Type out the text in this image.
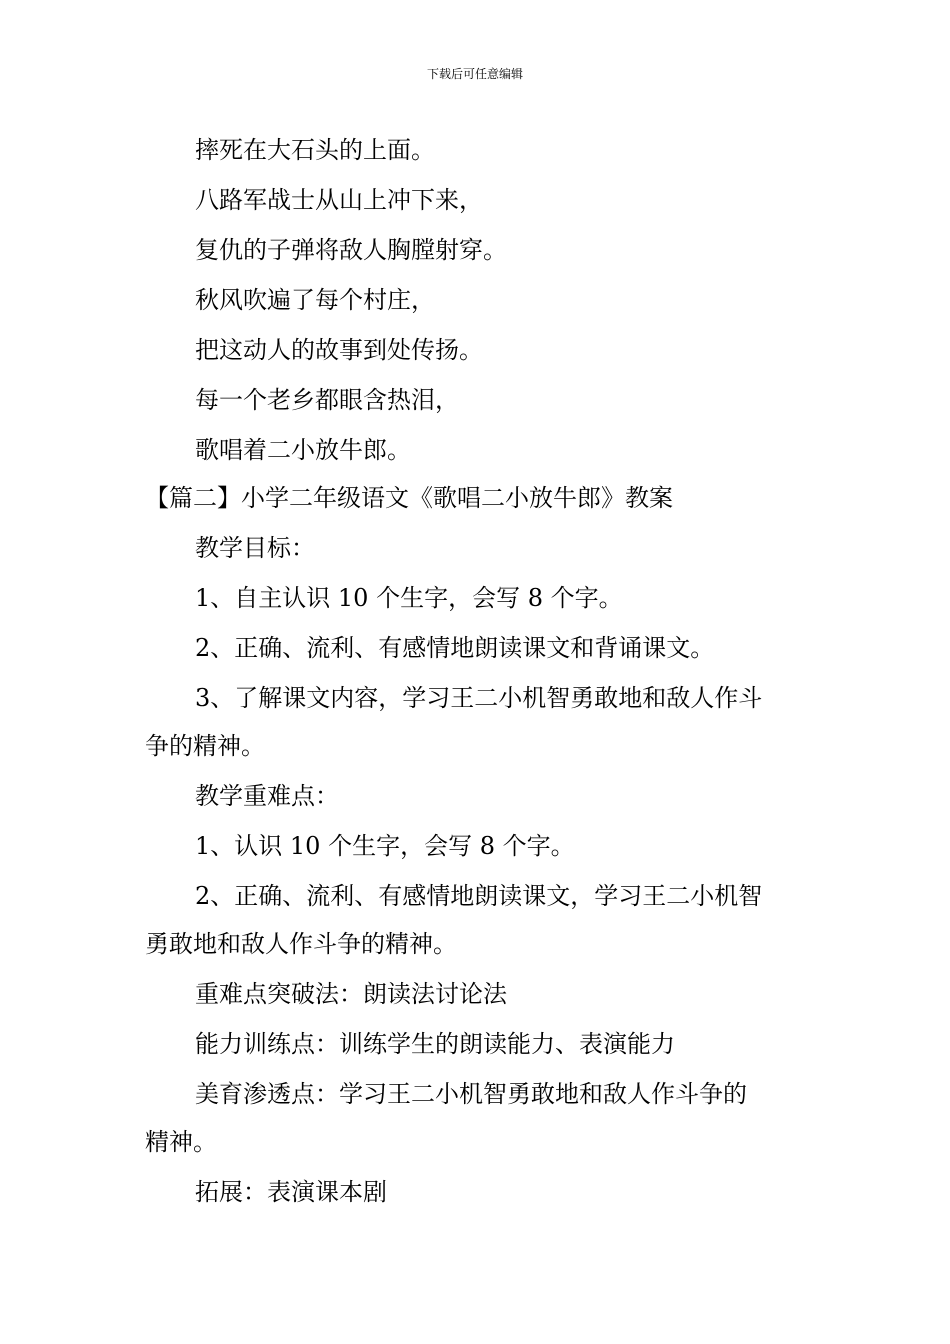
下载后可任意编辑

摔死在大石头的上面。

八路军战士从山上冲下来，

复仇的子弹将敌人胸膛射穿。

秋风吹遍了每个村庄，

把这动人的故事到处传扬。

每一个老乡都眼含热泪，

歌唱着二小放牛郎。

【篇二】小学二年级语文《歌唱二小放牛郎》教案

教学目标：

1、自主认识 10 个生字，会写 8 个字。

2、正确、流利、有感情地朗读课文和背诵课文。

3、了解课文内容，学习王二小机智勇敢地和敌人作斗

争的精神。

教学重难点：

1、认识 10 个生字，会写 8 个字。

2、正确、流利、有感情地朗读课文，学习王二小机智

勇敢地和敌人作斗争的精神。

重难点突破法：朗读法讨论法

能力训练点：训练学生的朗读能力、表演能力

美育渗透点：学习王二小机智勇敢地和敌人作斗争的

精神。

拓展：表演课本剧
